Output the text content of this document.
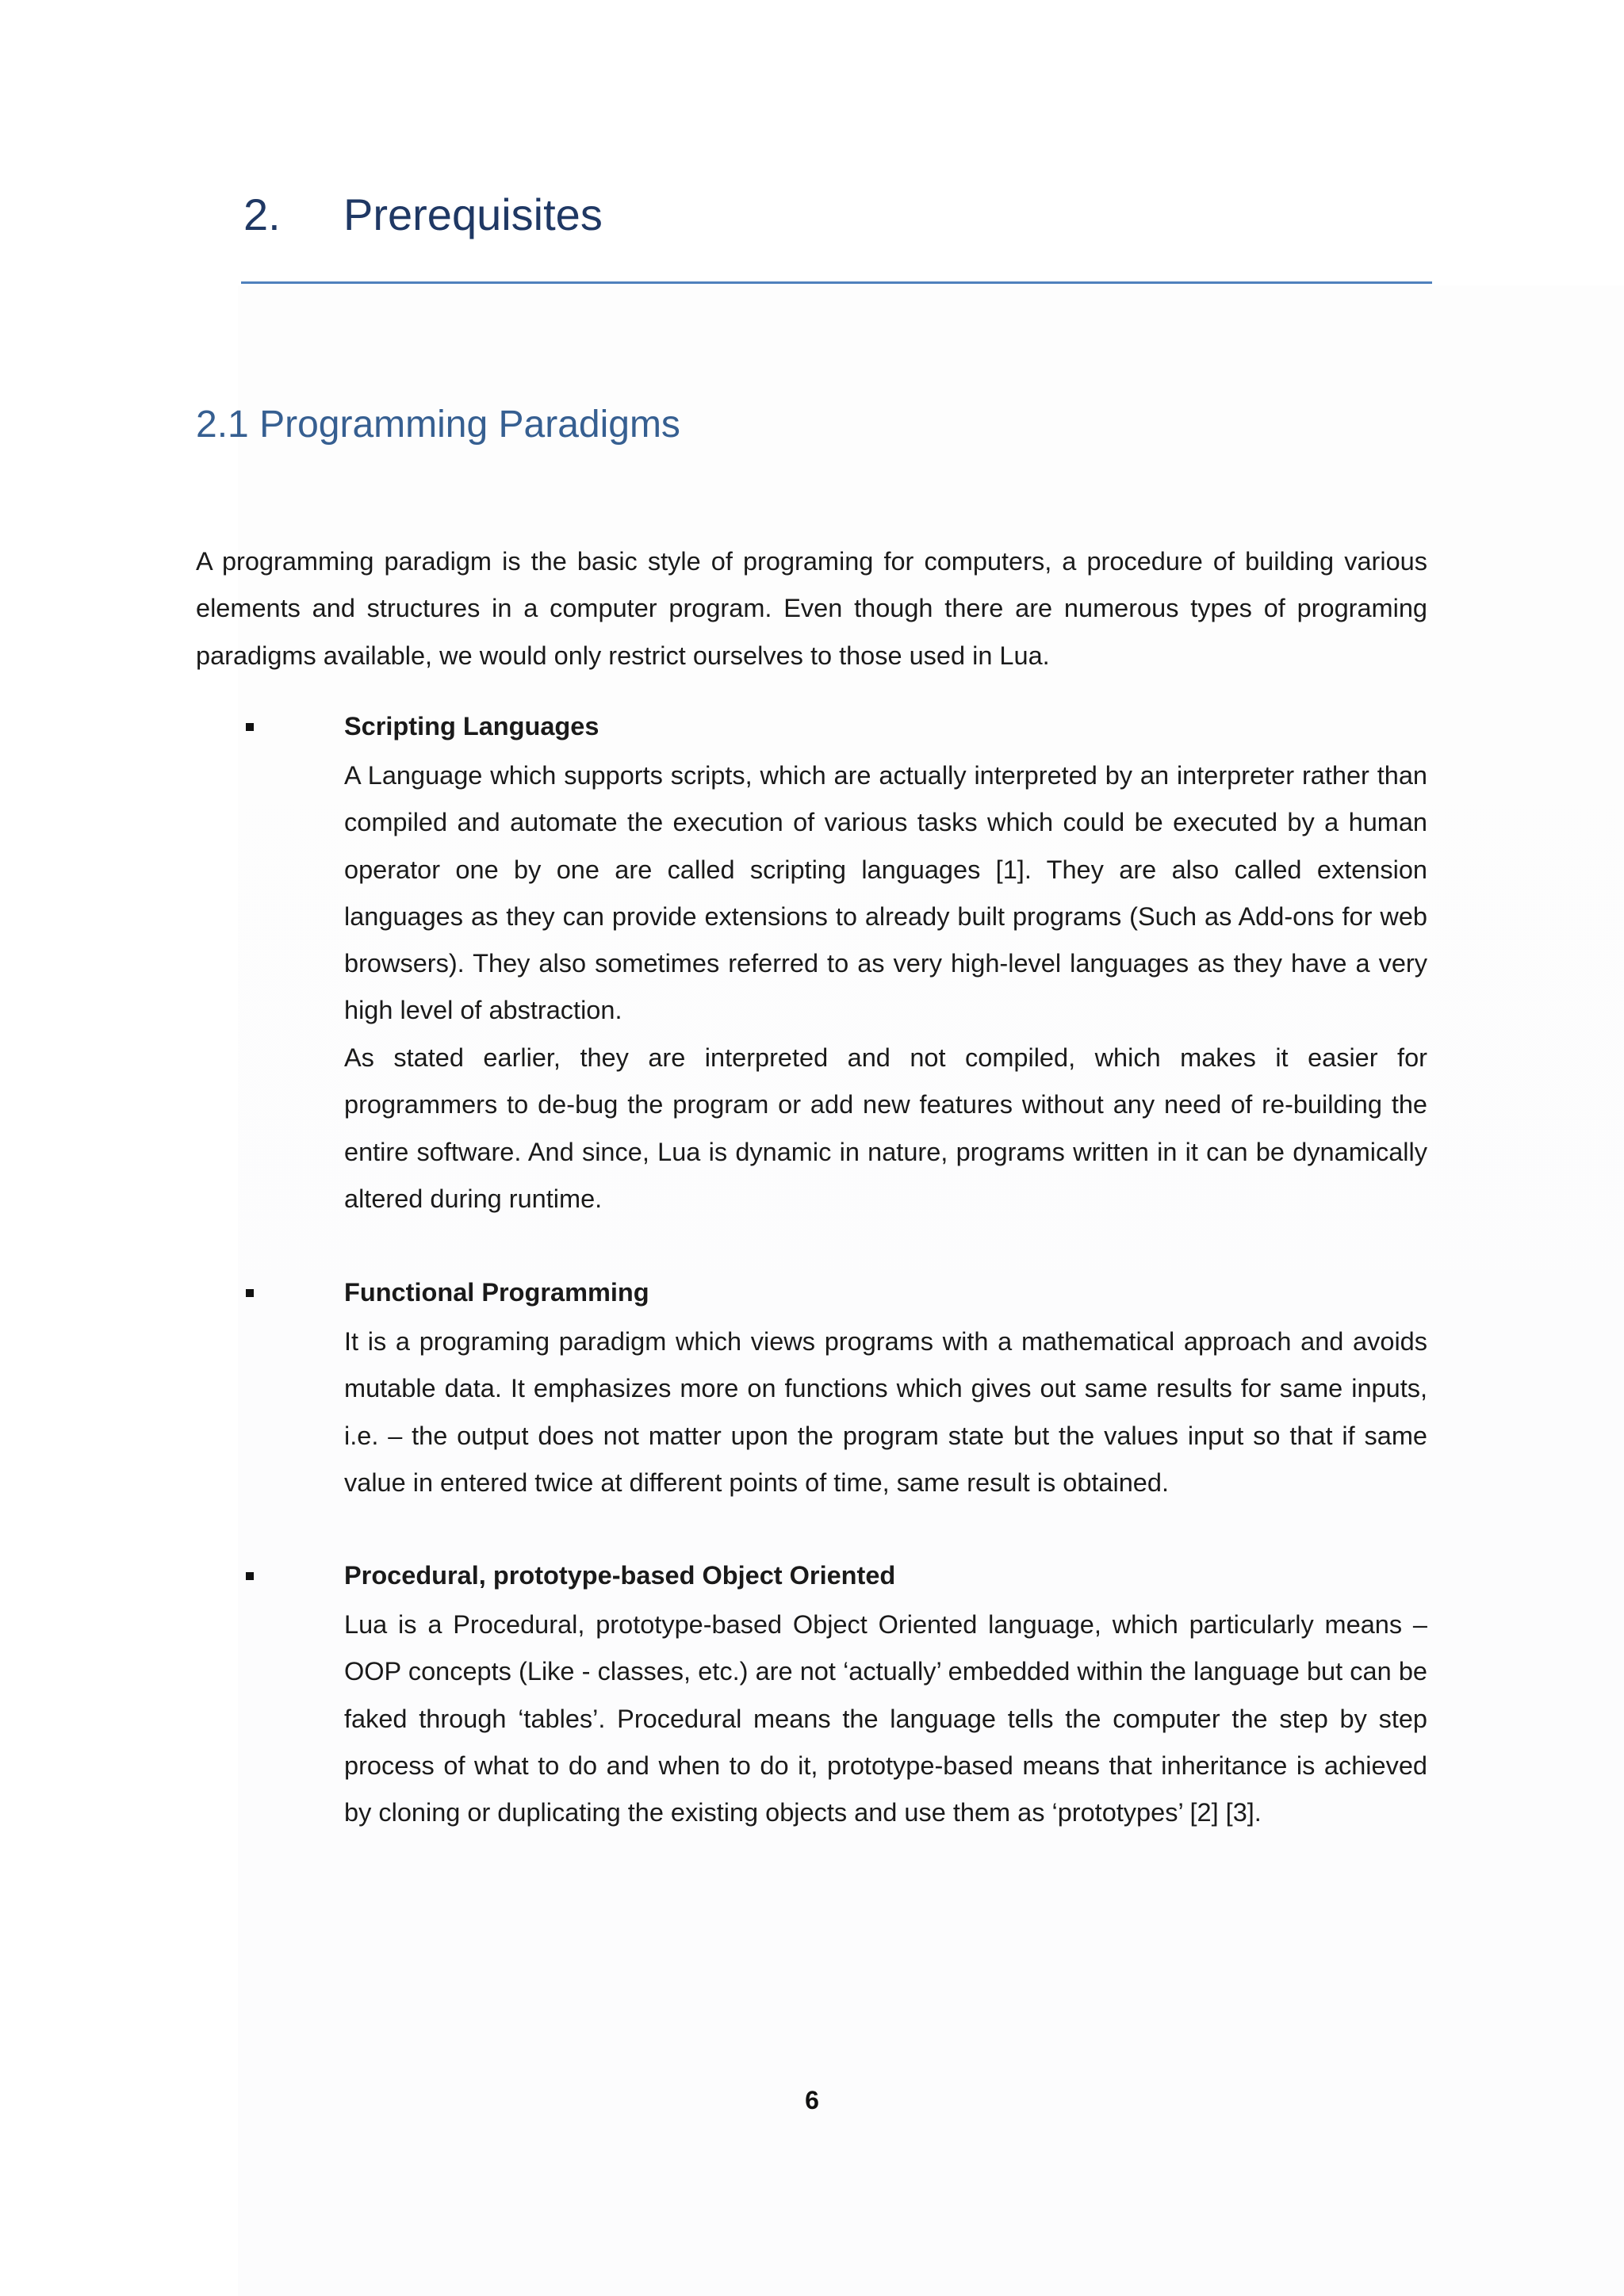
2. Prerequisites
2.1 Programming Paradigms

A programming paradigm is the basic style of programing for computers, a procedure of building various elements and structures in a computer program. Even though there are numerous types of programing paradigms available, we would only restrict ourselves to those used in Lua.

Scripting Languages

A Language which supports scripts, which are actually interpreted by an interpreter rather than compiled and automate the execution of various tasks which could be executed by a human operator one by one are called scripting languages [1]. They are also called extension languages as they can provide extensions to already built programs (Such as Add-ons for web browsers). They also sometimes referred to as very high-level languages as they have a very high level of abstraction.

As stated earlier, they are interpreted and not compiled, which makes it easier for programmers to de-bug the program or add new features without any need of re-building the entire software. And since, Lua is dynamic in nature, programs written in it can be dynamically altered during runtime.

Functional Programming

It is a programing paradigm which views programs with a mathematical approach and avoids mutable data. It emphasizes more on functions which gives out same results for same inputs, i.e. – the output does not matter upon the program state but the values input so that if same value in entered twice at different points of time, same result is obtained.

Procedural, prototype-based Object Oriented

Lua is a Procedural, prototype-based Object Oriented language, which particularly means – OOP concepts (Like - classes, etc.) are not ‘actually’ embedded within the language but can be faked through ‘tables’. Procedural means the language tells the computer the step by step process of what to do and when to do it, prototype-based means that inheritance is achieved by cloning or duplicating the existing objects and use them as ‘prototypes’ [2] [3].

6
